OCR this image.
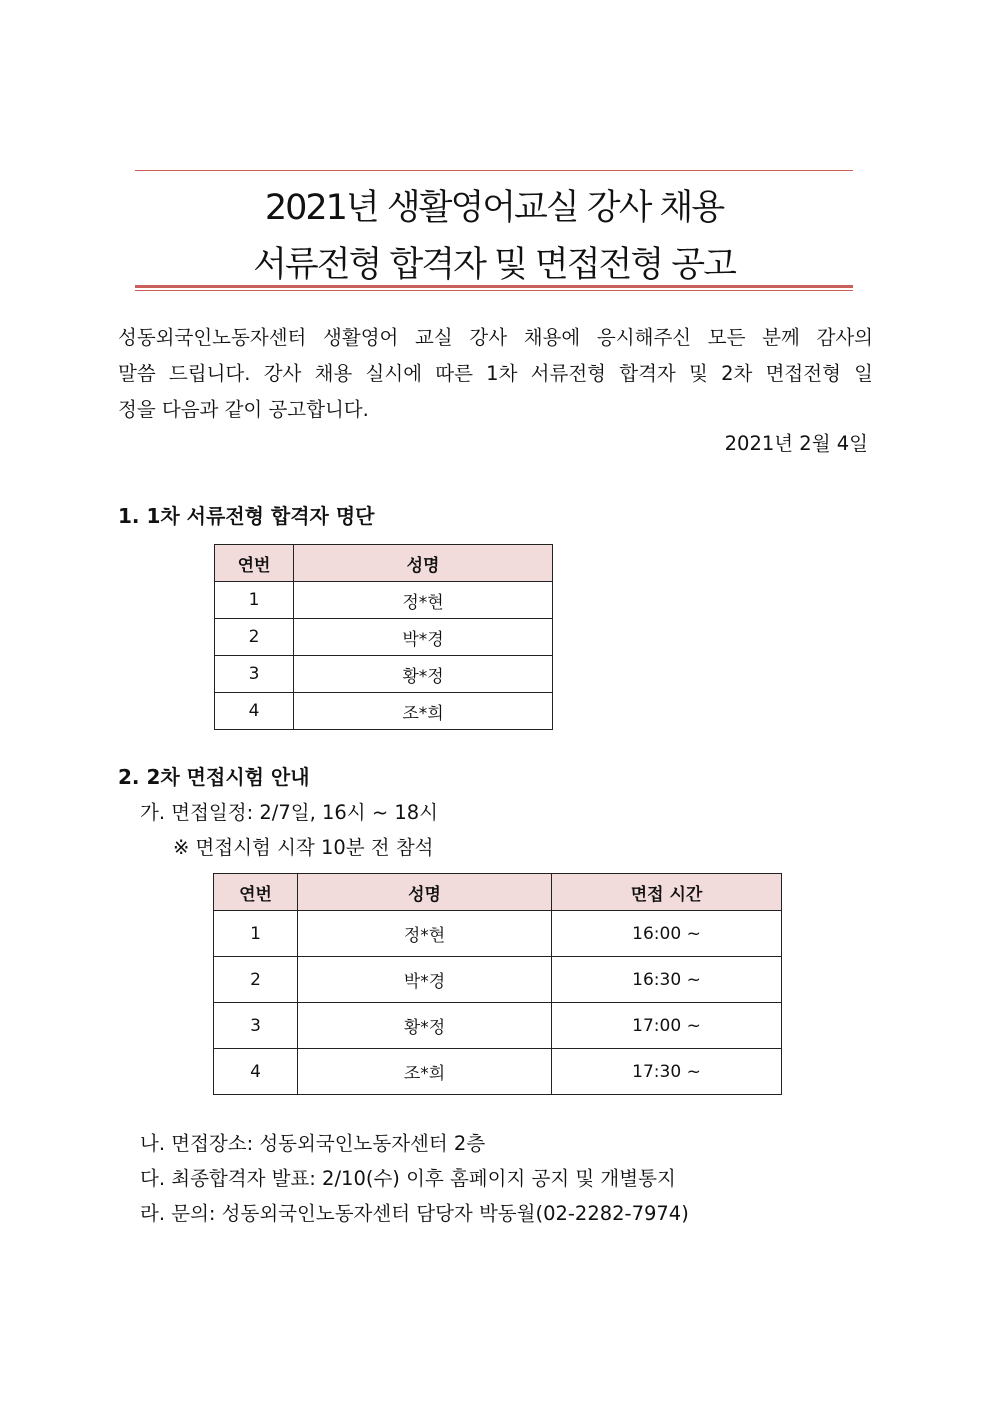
2021년 생활영어교실 강사 채용
서류전형 합격자 및 면접전형 공고
성동외국인노동자센터 생활영어 교실 강사 채용에 응시해주신 모든 분께 감사의
말씀 드립니다. 강사 채용 실시에 따른 1차 서류전형 합격자 및 2차 면접전형 일
정을 다음과 같이 공고합니다.
2021년 2월 4일
1. 1차 서류전형 합격자 명단
연번	성명
1	정*현
2	박*경
3	황*정
4	조*희
2. 2차 면접시험 안내
가. 면접일정: 2/7일, 16시 ~ 18시
※ 면접시험 시작 10분 전 참석
연번	성명	면접 시간
1	정*현	16:00 ~
2	박*경	16:30 ~
3	황*정	17:00 ~
4	조*희	17:30 ~
나. 면접장소: 성동외국인노동자센터 2층
다. 최종합격자 발표: 2/10(수) 이후 홈페이지 공지 및 개별통지
라. 문의: 성동외국인노동자센터 담당자 박동월(02-2282-7974)
